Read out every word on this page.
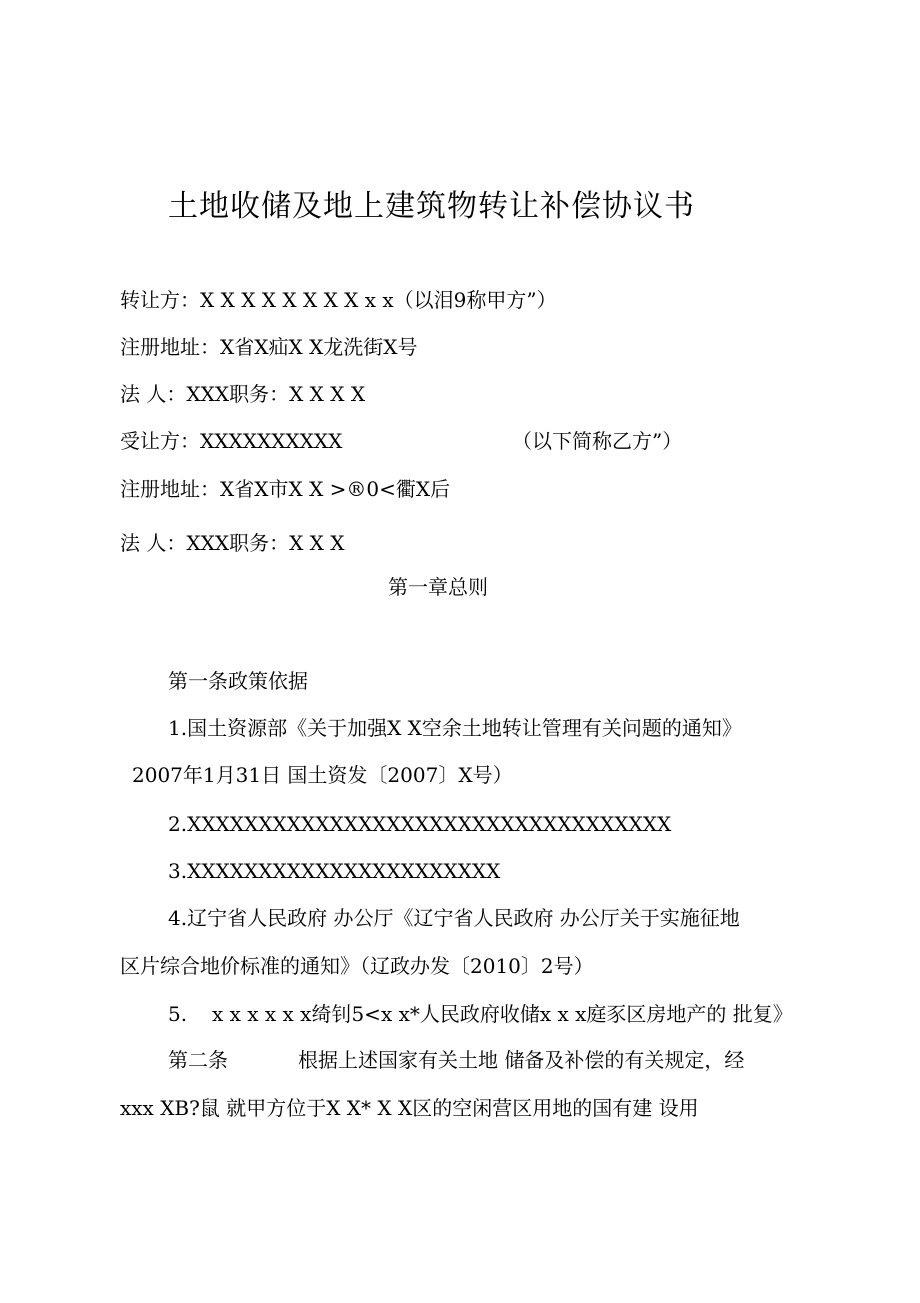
土地收储及地上建筑物转让补偿协议书
转让方：X X X X X X X X x x（以泪9称甲方”）
注册地址：X省X疝X X龙洗街X号
法 人：XXX职务：X X X X
受让方：XXXXXXXXXX	（以下简称乙方”）
注册地址：X省X市X X >®0<衢X后
法 人：XXX职务：X X X
第一章总则
第一条政策依据
1.国土资源部《关于加强X X空余土地转让管理有关问题的通知》
2007年1月31日 国土资发〔2007〕X号）
2.XXXXXXXXXXXXXXXXXXXXXXXXXXXXXXXXXX
3.XXXXXXXXXXXXXXXXXXXXXX
4.辽宁省人民政府 办公厅《辽宁省人民政府 办公厅关于实施征地
区片综合地价标准的通知》（辽政办发〔2010〕2号）
5. x x x x x x绮钊5<x x*人民政府收储x x x庭豕区房地产的 批复》
第二条	根据上述国家有关土地 储备及补偿的有关规定，经
xxx XB?鼠 就甲方位于X X* X X区的空闲营区用地的国有建 设用
